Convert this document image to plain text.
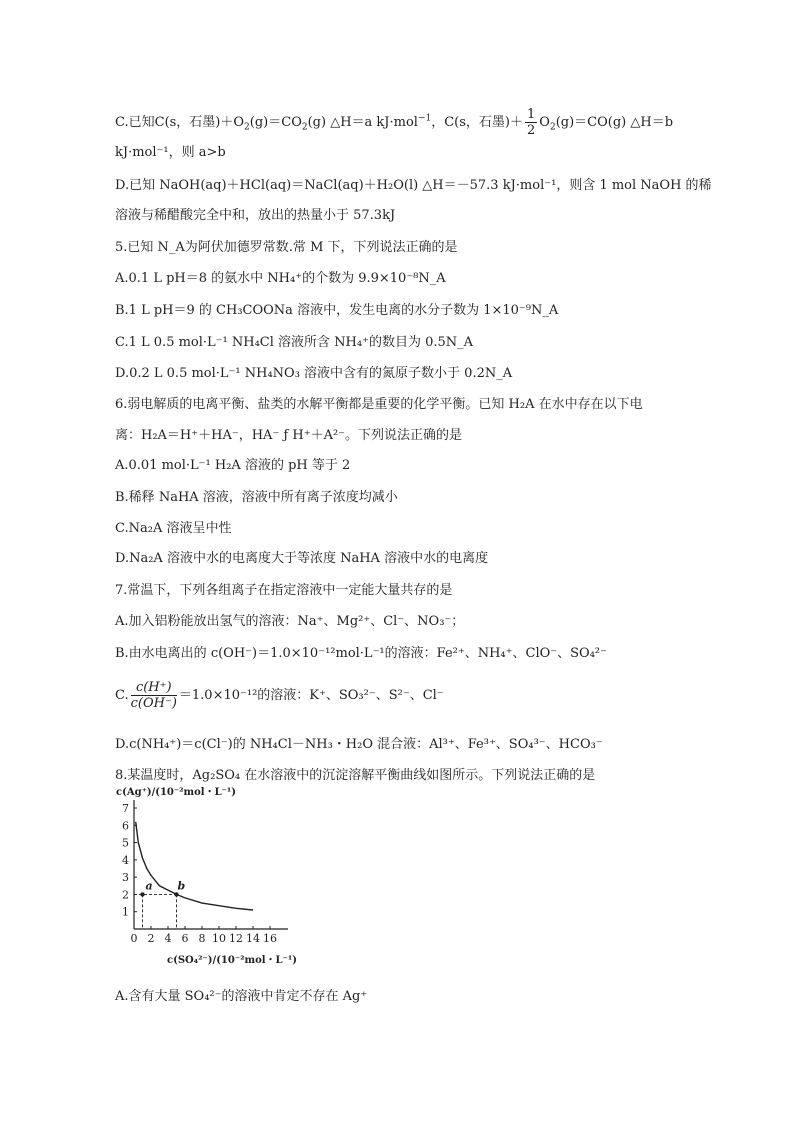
C.已知C(s，石墨)$+O_2(g)=CO_2(g)$ △H＝a kJ·mol$^{-1}$，C(s，石墨)＋ $\frac{1}{2} O_2(g)=CO(g)$ △H＝b
kJ·mol⁻¹，则 a>b
D.已知 NaOH(aq)＋HCl(aq)＝NaCl(aq)＋H₂O(l) △H＝－57.3 kJ·mol⁻¹，则含 1 mol NaOH 的稀
溶液与稀醋酸完全中和，放出的热量小于 57.3kJ
5.已知 N_A为阿伏加德罗常数.常 M 下，下列说法正确的是
A.0.1 L pH＝8 的氨水中 NH₄⁺的个数为 9.9×10⁻⁸N_A
B.1 L pH＝9 的 CH₃COONa 溶液中，发生电离的水分子数为 1×10⁻⁹N_A
C.1 L 0.5 mol·L⁻¹ NH₄Cl 溶液所含 NH₄⁺的数目为 0.5N_A
D.0.2 L 0.5 mol·L⁻¹ NH₄NO₃ 溶液中含有的氮原子数小于 0.2N_A
6.弱电解质的电离平衡、盐类的水解平衡都是重要的化学平衡。已知 H₂A 在水中存在以下电
离：H₂A＝H⁺＋HA⁻，HA⁻ ƒ H⁺＋A²⁻。下列说法正确的是
A.0.01 mol·L⁻¹ H₂A 溶液的 pH 等于 2
B.稀释 NaHA 溶液，溶液中所有离子浓度均减小
C.Na₂A 溶液呈中性
D.Na₂A 溶液中水的电离度大于等浓度 NaHA 溶液中水的电离度
7.常温下，下列各组离子在指定溶液中一定能大量共存的是
A.加入铝粉能放出氢气的溶液：Na⁺、Mg²⁺、Cl⁻、NO₃⁻；
B.由水电离出的 c(OH⁻)＝1.0×10⁻¹²mol·L⁻¹的溶液：Fe²⁺、NH₄⁺、ClO⁻、SO₄²⁻
C. $\frac{c(H^+)}{c(OH^-)} =1.0\times 10^{-12}$的溶液：K⁺、SO₃²⁻、S²⁻、Cl⁻
D.c(NH₄⁺)＝c(Cl⁻)的 NH₄Cl－NH₃・H₂O 混合液：Al³⁺、Fe³⁺、SO₄³⁻、HCO₃⁻
8.某温度时，Ag₂SO₄ 在水溶液中的沉淀溶解平衡曲线如图所示。下列说法正确的是
c(Ag⁺)/(10⁻²mol・L⁻¹)
1
2
3
4
5
6
7
0 2 4 6 8 10 12 14 16
c(SO₄²⁻)/(10⁻²mol・L⁻¹)
a b
A.含有大量 SO₄²⁻的溶液中肯定不存在 Ag⁺
